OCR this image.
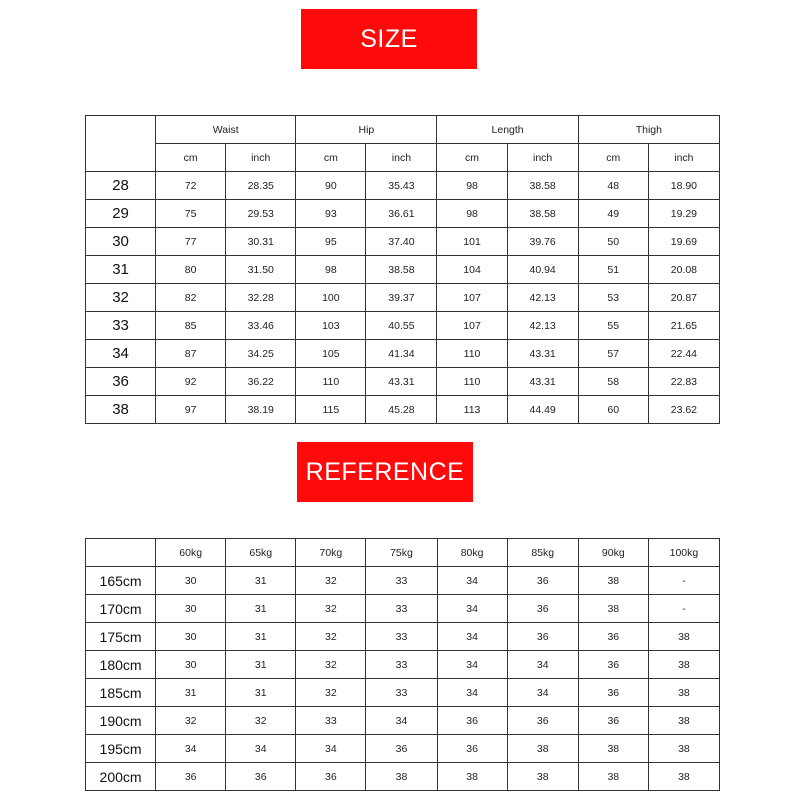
SIZE
	Waist		Hip		Length		Thigh	
	cm	inch	cm	inch	cm	inch	cm	inch
28	72	28.35	90	35.43	98	38.58	48	18.90
29	75	29.53	93	36.61	98	38.58	49	19.29
30	77	30.31	95	37.40	101	39.76	50	19.69
31	80	31.50	98	38.58	104	40.94	51	20.08
32	82	32.28	100	39.37	107	42.13	53	20.87
33	85	33.46	103	40.55	107	42.13	55	21.65
34	87	34.25	105	41.34	110	43.31	57	22.44
36	92	36.22	110	43.31	110	43.31	58	22.83
38	97	38.19	115	45.28	113	44.49	60	23.62
REFERENCE
	60kg	65kg	70kg	75kg	80kg	85kg	90kg	100kg
165cm	30	31	32	33	34	36	38	-
170cm	30	31	32	33	34	36	38	-
175cm	30	31	32	33	34	36	36	38
180cm	30	31	32	33	34	34	36	38
185cm	31	31	32	33	34	34	36	38
190cm	32	32	33	34	36	36	36	38
195cm	34	34	34	36	36	38	38	38
200cm	36	36	36	38	38	38	38	38
